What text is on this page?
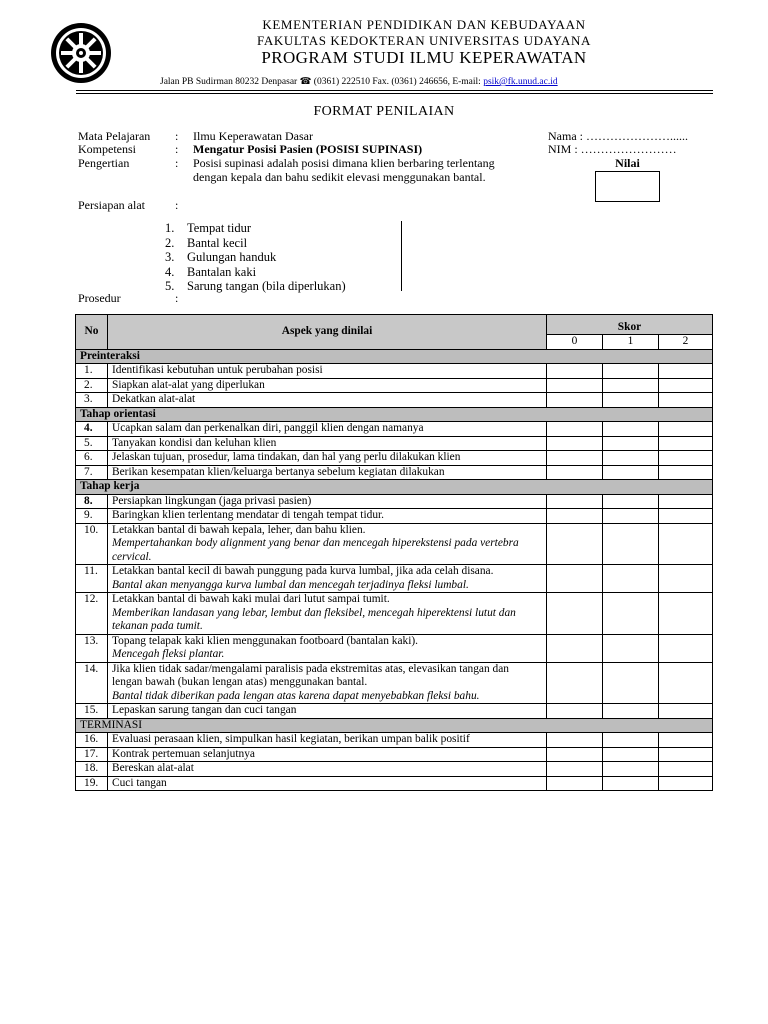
KEMENTERIAN PENDIDIKAN DAN KEBUDAYAAN
FAKULTAS KEDOKTERAN UNIVERSITAS UDAYANA
PROGRAM STUDI ILMU KEPERAWATAN
Jalan PB Sudirman 80232 Denpasar ☎ (0361) 222510 Fax. (0361) 246656, E-mail: psik@fk.unud.ac.id
FORMAT PENILAIAN
Mata Pelajaran : Ilmu Keperawatan Dasar
Kompetensi	: Mengatur Posisi Pasien (POSISI SUPINASI)
Pengertian	: Posisi supinasi adalah posisi dimana klien berbaring terlentang dengan kepala dan bahu sedikit elevasi menggunakan bantal.
Persiapan alat	:
Nama : …………………......
NIM : ……………………
Nilai
1. Tempat tidur
2. Bantal kecil
3. Gulungan handuk
4. Bantalan kaki
5. Sarung tangan (bila diperlukan)
Prosedur	:
No	Aspek yang dinilai	Skor		
		0	1	2
Preinteraksi				
1.	Identifikasi kebutuhan untuk perubahan posisi			

2.	Siapkan alat-alat yang diperlukan			

3.	Dekatkan alat-alat			

Tahap orientasi				
4.	Ucapkan salam dan perkenalkan diri, panggil klien dengan namanya			

5.	Tanyakan kondisi dan keluhan klien			

6.	Jelaskan tujuan, prosedur, lama tindakan, dan hal yang perlu dilakukan klien			

7.	Berikan kesempatan klien/keluarga bertanya sebelum kegiatan dilakukan			

Tahap kerja				
8.	Persiapkan lingkungan (jaga privasi pasien)			

9.	Baringkan klien terlentang mendatar di tengah tempat tidur.			

10.	Letakkan bantal di bawah kepala, leher, dan bahu klien.
Mempertahankan body alignment yang benar dan mencegah hiperekstensi pada vertebra cervical.			

11.	Letakkan bantal kecil di bawah punggung pada kurva lumbal, jika ada celah disana.
Bantal akan menyangga kurva lumbal dan mencegah terjadinya fleksi lumbal.			

12.	Letakkan bantal di bawah kaki mulai dari lutut sampai tumit.
Memberikan landasan yang lebar, lembut dan fleksibel, mencegah hiperektensi lutut dan tekanan pada tumit.			

13.	Topang telapak kaki klien menggunakan footboard (bantalan kaki).
Mencegah fleksi plantar.			

14.	Jika klien tidak sadar/mengalami paralisis pada ekstremitas atas, elevasikan tangan dan lengan bawah (bukan lengan atas) menggunakan bantal.
Bantal tidak diberikan pada lengan atas karena dapat menyebabkan fleksi bahu.			

15.	Lepaskan sarung tangan dan cuci tangan			

TERMINASI				
16.	Evaluasi perasaan klien, simpulkan hasil kegiatan, berikan umpan balik positif			

17.	Kontrak pertemuan selanjutnya			

18.	Bereskan alat-alat			

19.	Cuci tangan			
